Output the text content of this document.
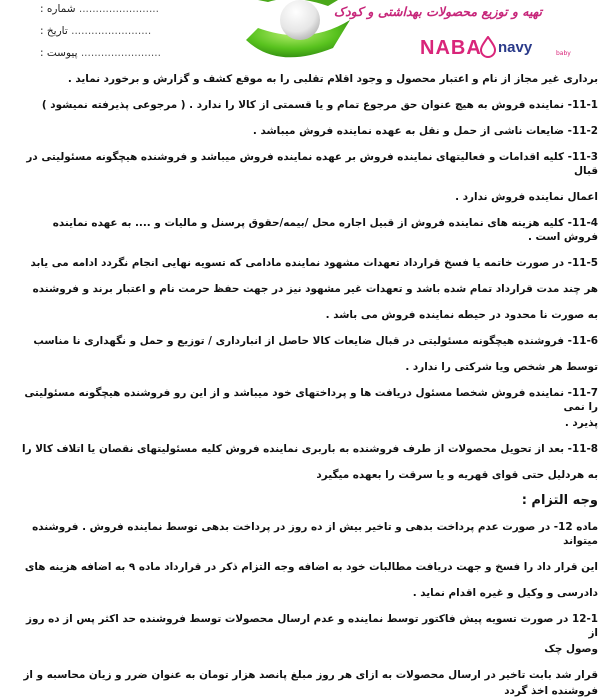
........................ شماره :
........................ تاریخ :
........................ پیوست :
تهیه و توزیع محصولات بهداشتی و کودک
NABA navy	baby

برداری غیر مجاز از نام و اعتبار محصول و وجود اقلام تقلبی را به موقع کشف و گزارش و برخورد نماید .

11-1- نماینده فروش به هیچ عنوان حق مرجوع تمام و یا قسمتی از کالا را ندارد . ( مرجوعی پذیرفته نمیشود )

11-2- ضایعات ناشی از حمل و نقل به عهده نماینده فروش میباشد .

11-3- کلیه اقدامات و فعالیتهای نماینده فروش بر عهده نماینده فروش میباشد و فروشنده هیچگونه مسئولیتی در قبال

اعمال نماینده فروش ندارد .

11-4- کلیه هزینه های نماینده فروش از قبیل اجاره محل /بیمه/حقوق پرسنل و مالیات و .... به عهده نماینده فروش است .

11-5- در صورت خاتمه یا فسخ قرارداد تعهدات مشهود نماینده مادامی که تسویه نهایی انجام نگردد ادامه می یابد

هر چند مدت قرارداد تمام شده باشد و تعهدات غیر مشهود نیز در جهت حفظ حرمت نام و اعتبار برند و فروشنده

به صورت نا محدود در حیطه نماینده فروش می باشد .

11-6- فروشنده هیچگونه مسئولیتی در قبال ضایعات کالا حاصل از انبارداری / توزیع و حمل و نگهداری نا مناسب

توسط هر شخص ویا شرکتی را ندارد .

11-7- نماینده فروش شخصا مسئول دریافت ها و پرداختهای خود میباشد و از این رو فروشنده هیچگونه مسئولیتی را نمی

پذیرد .

11-8- بعد از تحویل محصولات از طرف فروشنده به باربری نماینده فروش کلیه مسئولیتهای نقصان یا اتلاف کالا را

به هردلیل حتی قوای قهریه و یا سرقت را بعهده میگیرد

وجه التزام :

ماده 12- در صورت عدم پرداخت بدهی و تاخیر بیش از ده روز در پرداخت بدهی توسط نماینده فروش . فروشنده میتواند

این قرار داد را فسخ و جهت دریافت مطالبات خود به اضافه وجه التزام ذکر در قرارداد ماده ۹ به اضافه هزینه های

دادرسی و وکیل و غیره اقدام نماید .

12-1 در صورت تسویه پیش فاکتور توسط نماینده و عدم ارسال محصولات توسط فروشنده حد اکثر پس از ده روز از

وصول چک

قرار شد بابت تاخیر در ارسال محصولات به ازای هر روز مبلغ پانصد هزار تومان به عنوان ضرر و زیان محاسبه و از

فروشنده اخذ گردد
